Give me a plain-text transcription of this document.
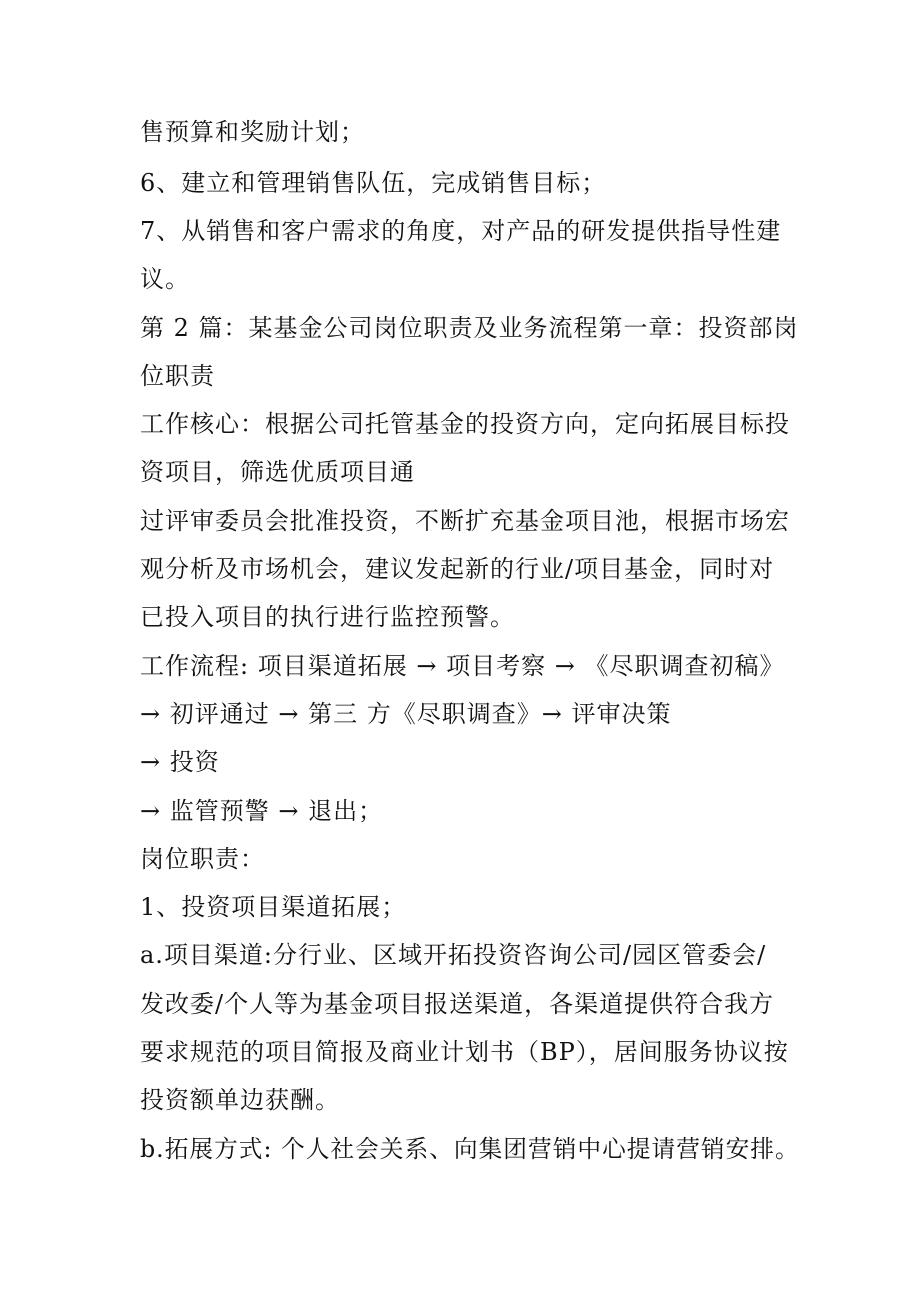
售预算和奖励计划；
6、建立和管理销售队伍，完成销售目标；
7、从销售和客户需求的角度，对产品的研发提供指导性建
议。
第 2 篇：某基金公司岗位职责及业务流程第一章：投资部岗
位职责
工作核心：根据公司托管基金的投资方向，定向拓展目标投
资项目，筛选优质项目通
过评审委员会批准投资，不断扩充基金项目池，根据市场宏
观分析及市场机会，建议发起新的行业/项目基金，同时对
已投入项目的执行进行监控预警。
工作流程: 项目渠道拓展 → 项目考察 → 《尽职调查初稿》
→ 初评通过 → 第三 方《尽职调查》→ 评审决策
→ 投资
→ 监管预警 → 退出；
岗位职责：
1、投资项目渠道拓展；
a.项目渠道:分行业、区域开拓投资咨询公司/园区管委会/
发改委/个人等为基金项目报送渠道，各渠道提供符合我方
要求规范的项目简报及商业计划书（BP），居间服务协议按
投资额单边获酬。
b.拓展方式: 个人社会关系、向集团营销中心提请营销安排。
